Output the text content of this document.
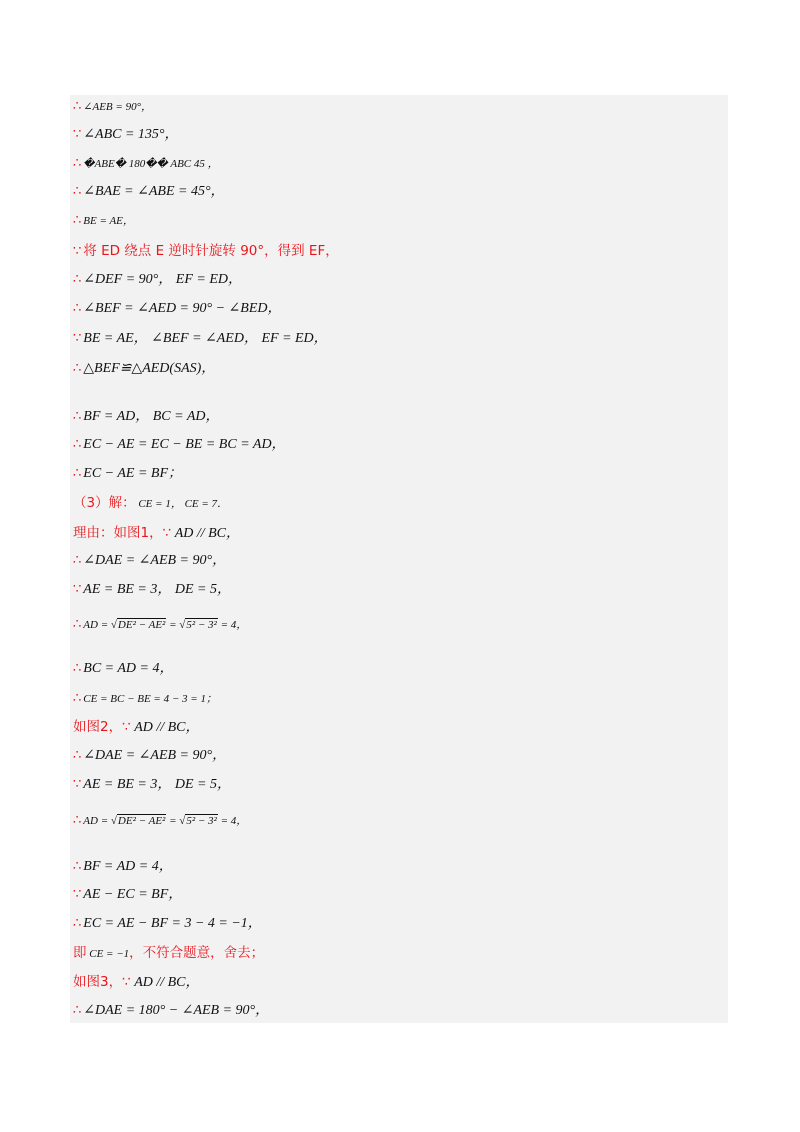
∴ ∠AEB = 90°，
∵ ∠ABC = 135°，
∴ �ABE� 180�� ABC 45 ，
∴ ∠BAE = ∠ABE = 45°，
∴ BE = AE，
∵ 将 ED 绕点 E 逆时针旋转 90°，得到 EF，
∴ ∠DEF = 90°， EF = ED，
∴ ∠BEF = ∠AED = 90° − ∠BED，
∵ BE = AE， ∠BEF = ∠AED， EF = ED，
∴ △BEF≌△AED(SAS)，
∴ BF = AD， BC = AD，
∴ EC − AE = EC − BE = BC = AD，
∴ EC − AE = BF；
（3）解： CE = 1， CE = 7．
理由：如图1，∵ AD // BC，
∴ ∠DAE = ∠AEB = 90°，
∵ AE = BE = 3， DE = 5，
∴ AD = √DE² − AE² = √5² − 3² = 4，
∴ BC = AD = 4，
∴ CE = BC − BE = 4 − 3 = 1；
如图2，∵ AD // BC，
∴ ∠DAE = ∠AEB = 90°，
∵ AE = BE = 3， DE = 5，
∴ AD = √DE² − AE² = √5² − 3² = 4，
∴ BF = AD = 4，
∵ AE − EC = BF，
∴ EC = AE − BF = 3 − 4 = −1，
即 CE = −1，不符合题意，舍去；
如图3，∵ AD // BC，
∴ ∠DAE = 180° − ∠AEB = 90°，
